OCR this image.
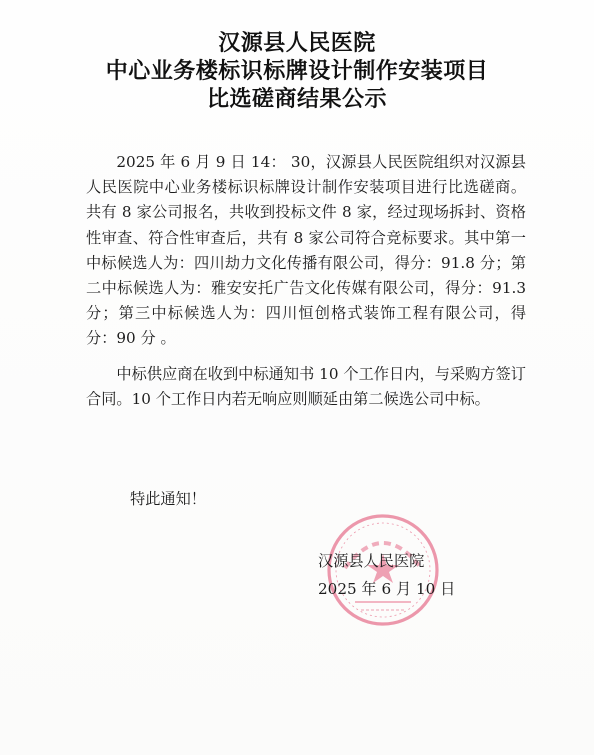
汉源县人民医院
中心业务楼标识标牌设计制作安装项目
比选磋商结果公示

2025 年 6 月 9 日 14： 30，汉源县人民医院组织对汉源县人民医院中心业务楼标识标牌设计制作安装项目进行比选磋商。共有 8 家公司报名，共收到投标文件 8 家，经过现场拆封、资格性审查、符合性审查后，共有 8 家公司符合竞标要求。其中第一中标候选人为：四川劫力文化传播有限公司，得分：91.8 分；第二中标候选人为：雅安安托广告文化传媒有限公司，得分：91.3 分；第三中标候选人为：四川恒创格式装饰工程有限公司，得分：90 分 。

中标供应商在收到中标通知书 10 个工作日内，与采购方签订合同。10 个工作日内若无响应则顺延由第二候选公司中标。

特此通知！
汉源县人民医院
2025 年 6 月 10 日
